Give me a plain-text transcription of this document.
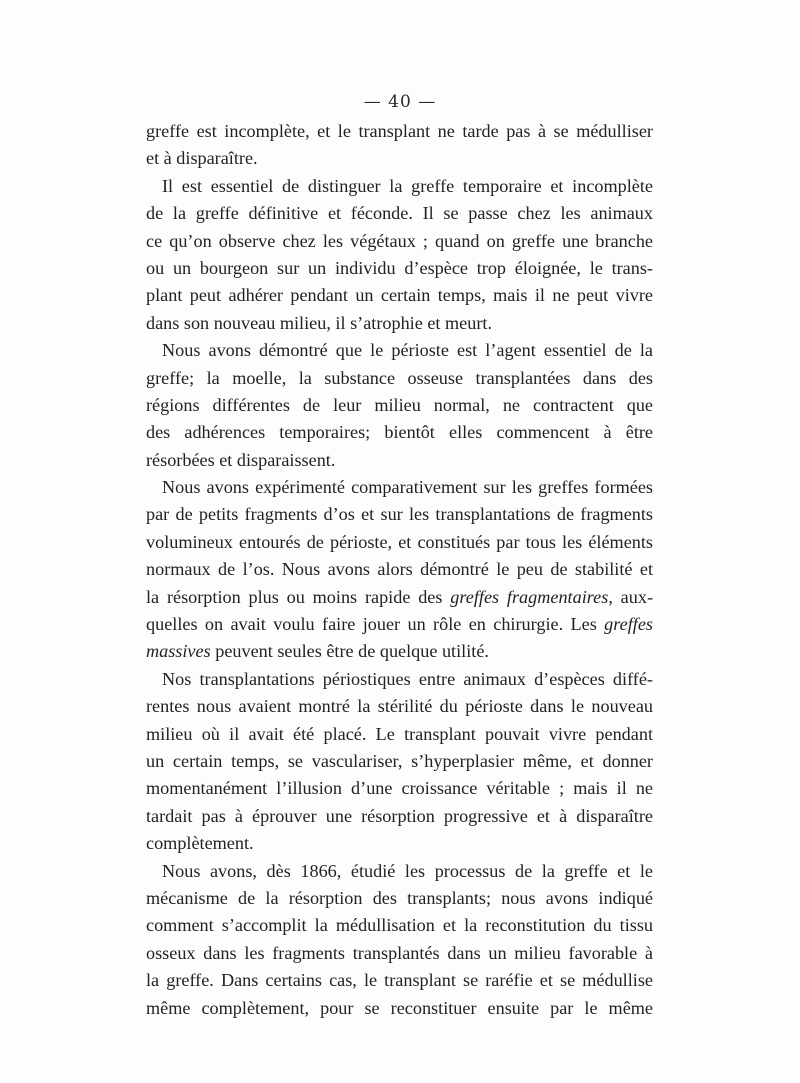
— 40 —
greffe est incomplète, et le transplant ne tarde pas à se médulliser
et à disparaître.
Il est essentiel de distinguer la greffe temporaire et incomplète
de la greffe définitive et féconde. Il se passe chez les animaux
ce qu’on observe chez les végétaux ; quand on greffe une branche
ou un bourgeon sur un individu d’espèce trop éloignée, le trans-
plant peut adhérer pendant un certain temps, mais il ne peut vivre
dans son nouveau milieu, il s’atrophie et meurt.
Nous avons démontré que le périoste est l’agent essentiel de la
greffe; la moelle, la substance osseuse transplantées dans des
régions différentes de leur milieu normal, ne contractent que
des adhérences temporaires; bientôt elles commencent à être
résorbées et disparaissent.
Nous avons expérimenté comparativement sur les greffes formées
par de petits fragments d’os et sur les transplantations de fragments
volumineux entourés de périoste, et constitués par tous les éléments
normaux de l’os. Nous avons alors démontré le peu de stabilité et
la résorption plus ou moins rapide des greffes fragmentaires, aux-
quelles on avait voulu faire jouer un rôle en chirurgie. Les greffes
massives peuvent seules être de quelque utilité.
Nos transplantations périostiques entre animaux d’espèces diffé-
rentes nous avaient montré la stérilité du périoste dans le nouveau
milieu où il avait été placé. Le transplant pouvait vivre pendant
un certain temps, se vasculariser, s’hyperplasier même, et donner
momentanément l’illusion d’une croissance véritable ; mais il ne
tardait pas à éprouver une résorption progressive et à disparaître
complètement.
Nous avons, dès 1866, étudié les processus de la greffe et le
mécanisme de la résorption des transplants; nous avons indiqué
comment s’accomplit la médullisation et la reconstitution du tissu
osseux dans les fragments transplantés dans un milieu favorable à
la greffe. Dans certains cas, le transplant se raréfie et se médullise
même complètement, pour se reconstituer ensuite par le même
